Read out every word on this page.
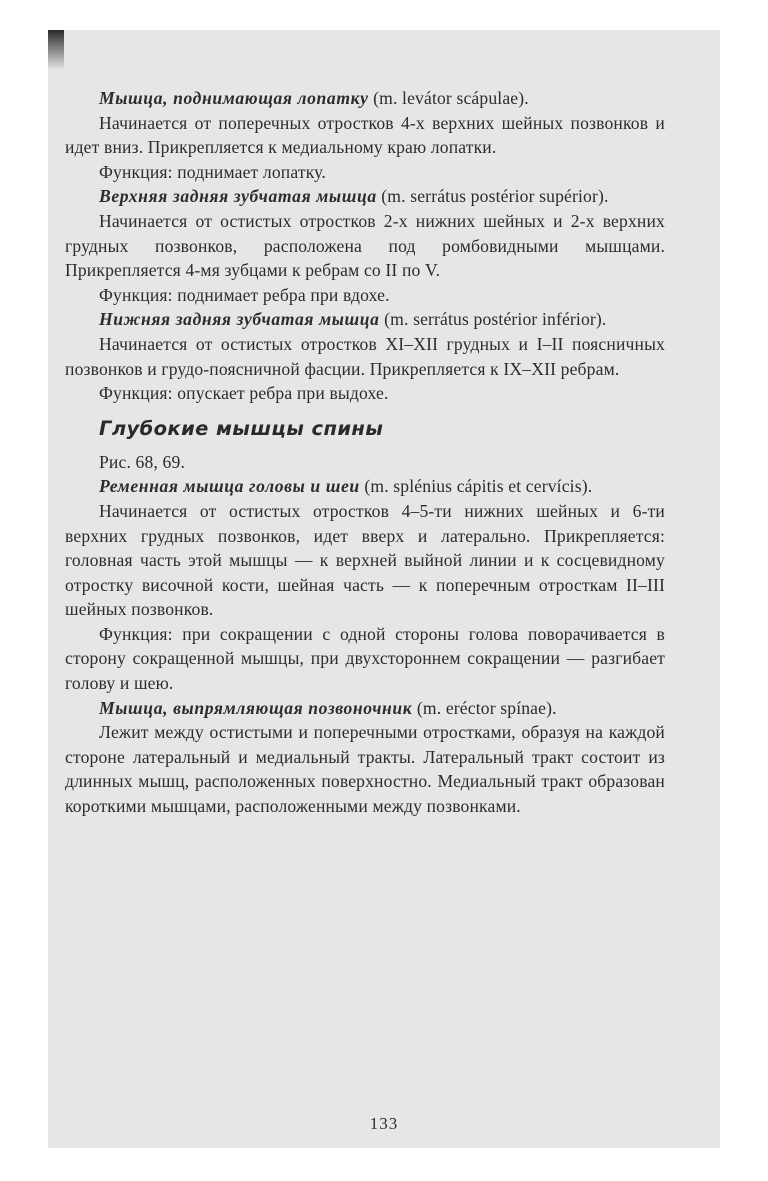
Мышца, поднимающая лопатку (m. levátor scápulae).

Начинается от поперечных отростков 4-х верхних шейных позвонков и идет вниз. Прикрепляется к медиальному краю лопатки.

Функция: поднимает лопатку.

Верхняя задняя зубчатая мышца (m. serrátus postérior supérior).

Начинается от остистых отростков 2-х нижних шейных и 2-х верхних грудных позвонков, расположена под ромбовидными мышцами. Прикрепляется 4-мя зубцами к ребрам со II по V.

Функция: поднимает ребра при вдохе.

Нижняя задняя зубчатая мышца (m. serrátus postérior inférior).

Начинается от остистых отростков XI–XII грудных и I–II поясничных позвонков и грудо-поясничной фасции. Прикрепляется к IX–XII ребрам.

Функция: опускает ребра при выдохе.

Глубокие мышцы спины

Рис. 68, 69.

Ременная мышца головы и шеи (m. splénius cápitis et cervícis).

Начинается от остистых отростков 4–5-ти нижних шейных и 6-ти верхних грудных позвонков, идет вверх и латерально. Прикрепляется: головная часть этой мышцы — к верхней выйной линии и к сосцевидному отростку височной кости, шейная часть — к поперечным отросткам II–III шейных позвонков.

Функция: при сокращении с одной стороны голова поворачивается в сторону сокращенной мышцы, при двухстороннем сокращении — разгибает голову и шею.

Мышца, выпрямляющая позвоночник (m. eréctor spínae).

Лежит между остистыми и поперечными отростками, образуя на каждой стороне латеральный и медиальный тракты. Латеральный тракт состоит из длинных мышц, расположенных поверхностно. Медиальный тракт образован короткими мышцами, расположенными между позвонками.

133
